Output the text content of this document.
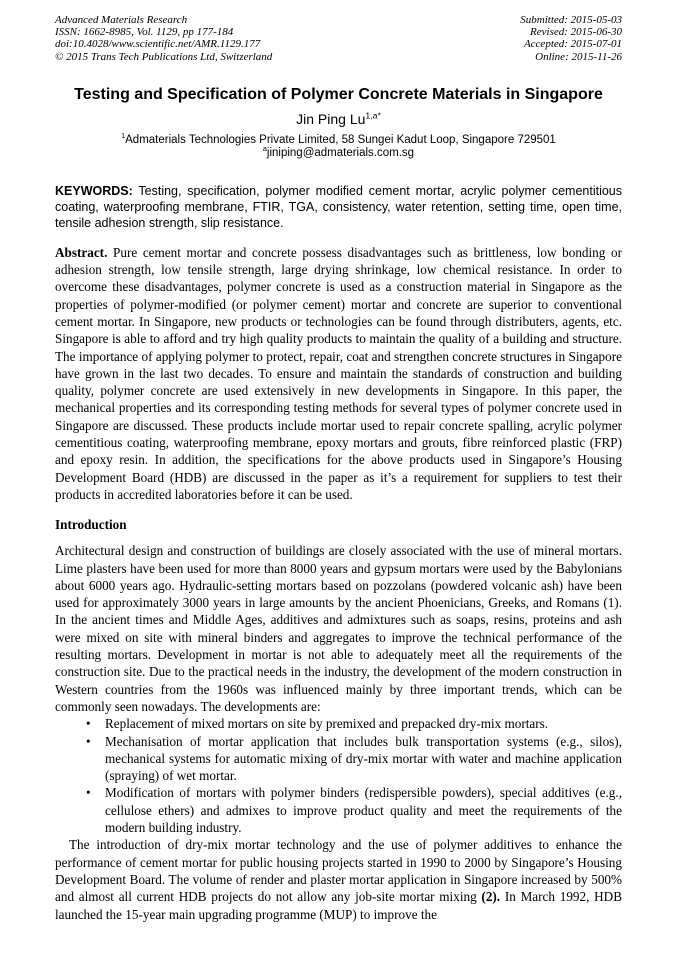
Advanced Materials Research
ISSN: 1662-8985, Vol. 1129, pp 177-184
doi:10.4028/www.scientific.net/AMR.1129.177
© 2015 Trans Tech Publications Ltd, Switzerland
Submitted: 2015-05-03
Revised: 2015-06-30
Accepted: 2015-07-01
Online: 2015-11-26
Testing and Specification of Polymer Concrete Materials in Singapore
Jin Ping $Lu^{1,a*}$
$^1$Admaterials Technologies Private Limited, 58 Sungei Kadut Loop, Singapore 729501
$^a$jiniping@admaterials.com.sg

KEYWORDS: Testing, specification, polymer modified cement mortar, acrylic polymer cementitious coating, waterproofing membrane, FTIR, TGA, consistency, water retention, setting time, open time, tensile adhesion strength, slip resistance.

Abstract. Pure cement mortar and concrete possess disadvantages such as brittleness, low bonding or adhesion strength, low tensile strength, large drying shrinkage, low chemical resistance. In order to overcome these disadvantages, polymer concrete is used as a construction material in Singapore as the properties of polymer-modified (or polymer cement) mortar and concrete are superior to conventional cement mortar. In Singapore, new products or technologies can be found through distributers, agents, etc. Singapore is able to afford and try high quality products to maintain the quality of a building and structure. The importance of applying polymer to protect, repair, coat and strengthen concrete structures in Singapore have grown in the last two decades. To ensure and maintain the standards of construction and building quality, polymer concrete are used extensively in new developments in Singapore. In this paper, the mechanical properties and its corresponding testing methods for several types of polymer concrete used in Singapore are discussed. These products include mortar used to repair concrete spalling, acrylic polymer cementitious coating, waterproofing membrane, epoxy mortars and grouts, fibre reinforced plastic (FRP) and epoxy resin. In addition, the specifications for the above products used in Singapore’s Housing Development Board (HDB) are discussed in the paper as it’s a requirement for suppliers to test their products in accredited laboratories before it can be used.

Introduction

Architectural design and construction of buildings are closely associated with the use of mineral mortars. Lime plasters have been used for more than 8000 years and gypsum mortars were used by the Babylonians about 6000 years ago. Hydraulic-setting mortars based on pozzolans (powdered volcanic ash) have been used for approximately 3000 years in large amounts by the ancient Phoenicians, Greeks, and Romans (1). In the ancient times and Middle Ages, additives and admixtures such as soaps, resins, proteins and ash were mixed on site with mineral binders and aggregates to improve the technical performance of the resulting mortars. Development in mortar is not able to adequately meet all the requirements of the construction site. Due to the practical needs in the industry, the development of the modern construction in Western countries from the 1960s was influenced mainly by three important trends, which can be commonly seen nowadays. The developments are:

• Replacement of mixed mortars on site by premixed and prepacked dry-mix mortars.
• Mechanisation of mortar application that includes bulk transportation systems (e.g., silos), mechanical systems for automatic mixing of dry-mix mortar with water and machine application (spraying) of wet mortar.
• Modification of mortars with polymer binders (redispersible powders), special additives (e.g., cellulose ethers) and admixes to improve product quality and meet the requirements of the modern building industry.

The introduction of dry-mix mortar technology and the use of polymer additives to enhance the performance of cement mortar for public housing projects started in 1990 to 2000 by Singapore’s Housing Development Board. The volume of render and plaster mortar application in Singapore increased by 500% and almost all current HDB projects do not allow any job-site mortar mixing (2). In March 1992, HDB launched the 15-year main upgrading programme (MUP) to improve the
